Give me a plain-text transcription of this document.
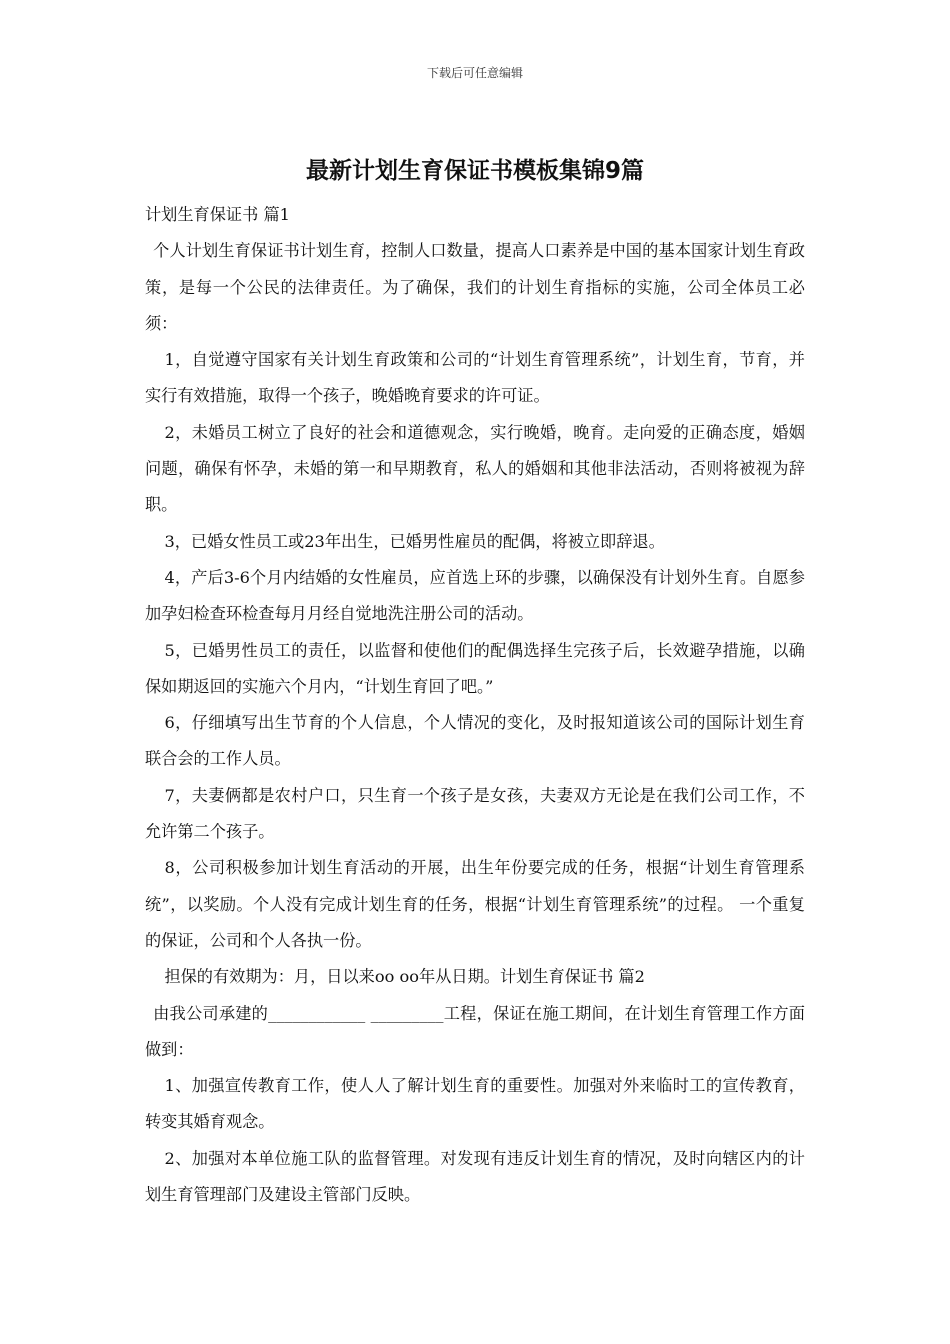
下载后可任意编辑
最新计划生育保证书模板集锦9篇

计划生育保证书 篇1

个人计划生育保证书计划生育，控制人口数量，提高人口素养是中国的基本国家计划生育政策，是每一个公民的法律责任。为了确保，我们的计划生育指标的实施，公司全体员工必须：

1，自觉遵守国家有关计划生育政策和公司的“计划生育管理系统”，计划生育，节育，并实行有效措施，取得一个孩子，晚婚晚育要求的许可证。

2，未婚员工树立了良好的社会和道德观念，实行晚婚，晚育。走向爱的正确态度，婚姻问题，确保有怀孕，未婚的第一和早期教育，私人的婚姻和其他非法活动，否则将被视为辞职。

3，已婚女性员工或23年出生，已婚男性雇员的配偶，将被立即辞退。

4，产后3-6个月内结婚的女性雇员，应首选上环的步骤，以确保没有计划外生育。自愿参加孕妇检查环检查每月月经自觉地洗注册公司的活动。

5，已婚男性员工的责任，以监督和使他们的配偶选择生完孩子后，长效避孕措施，以确保如期返回的实施六个月内，“计划生育回了吧。”

6，仔细填写出生节育的个人信息，个人情况的变化，及时报知道该公司的国际计划生育联合会的工作人员。

7，夫妻俩都是农村户口，只生育一个孩子是女孩，夫妻双方无论是在我们公司工作，不允许第二个孩子。

8，公司积极参加计划生育活动的开展，出生年份要完成的任务，根据“计划生育管理系统”，以奖励。个人没有完成计划生育的任务，根据“计划生育管理系统”的过程。 一个重复的保证，公司和个人各执一份。

担保的有效期为：月，日以来oo oo年从日期。计划生育保证书 篇2

由我公司承建的____________ _________工程，保证在施工期间，在计划生育管理工作方面做到：

1、加强宣传教育工作，使人人了解计划生育的重要性。加强对外来临时工的宣传教育，转变其婚育观念。

2、加强对本单位施工队的监督管理。对发现有违反计划生育的情况，及时向辖区内的计划生育管理部门及建设主管部门反映。
